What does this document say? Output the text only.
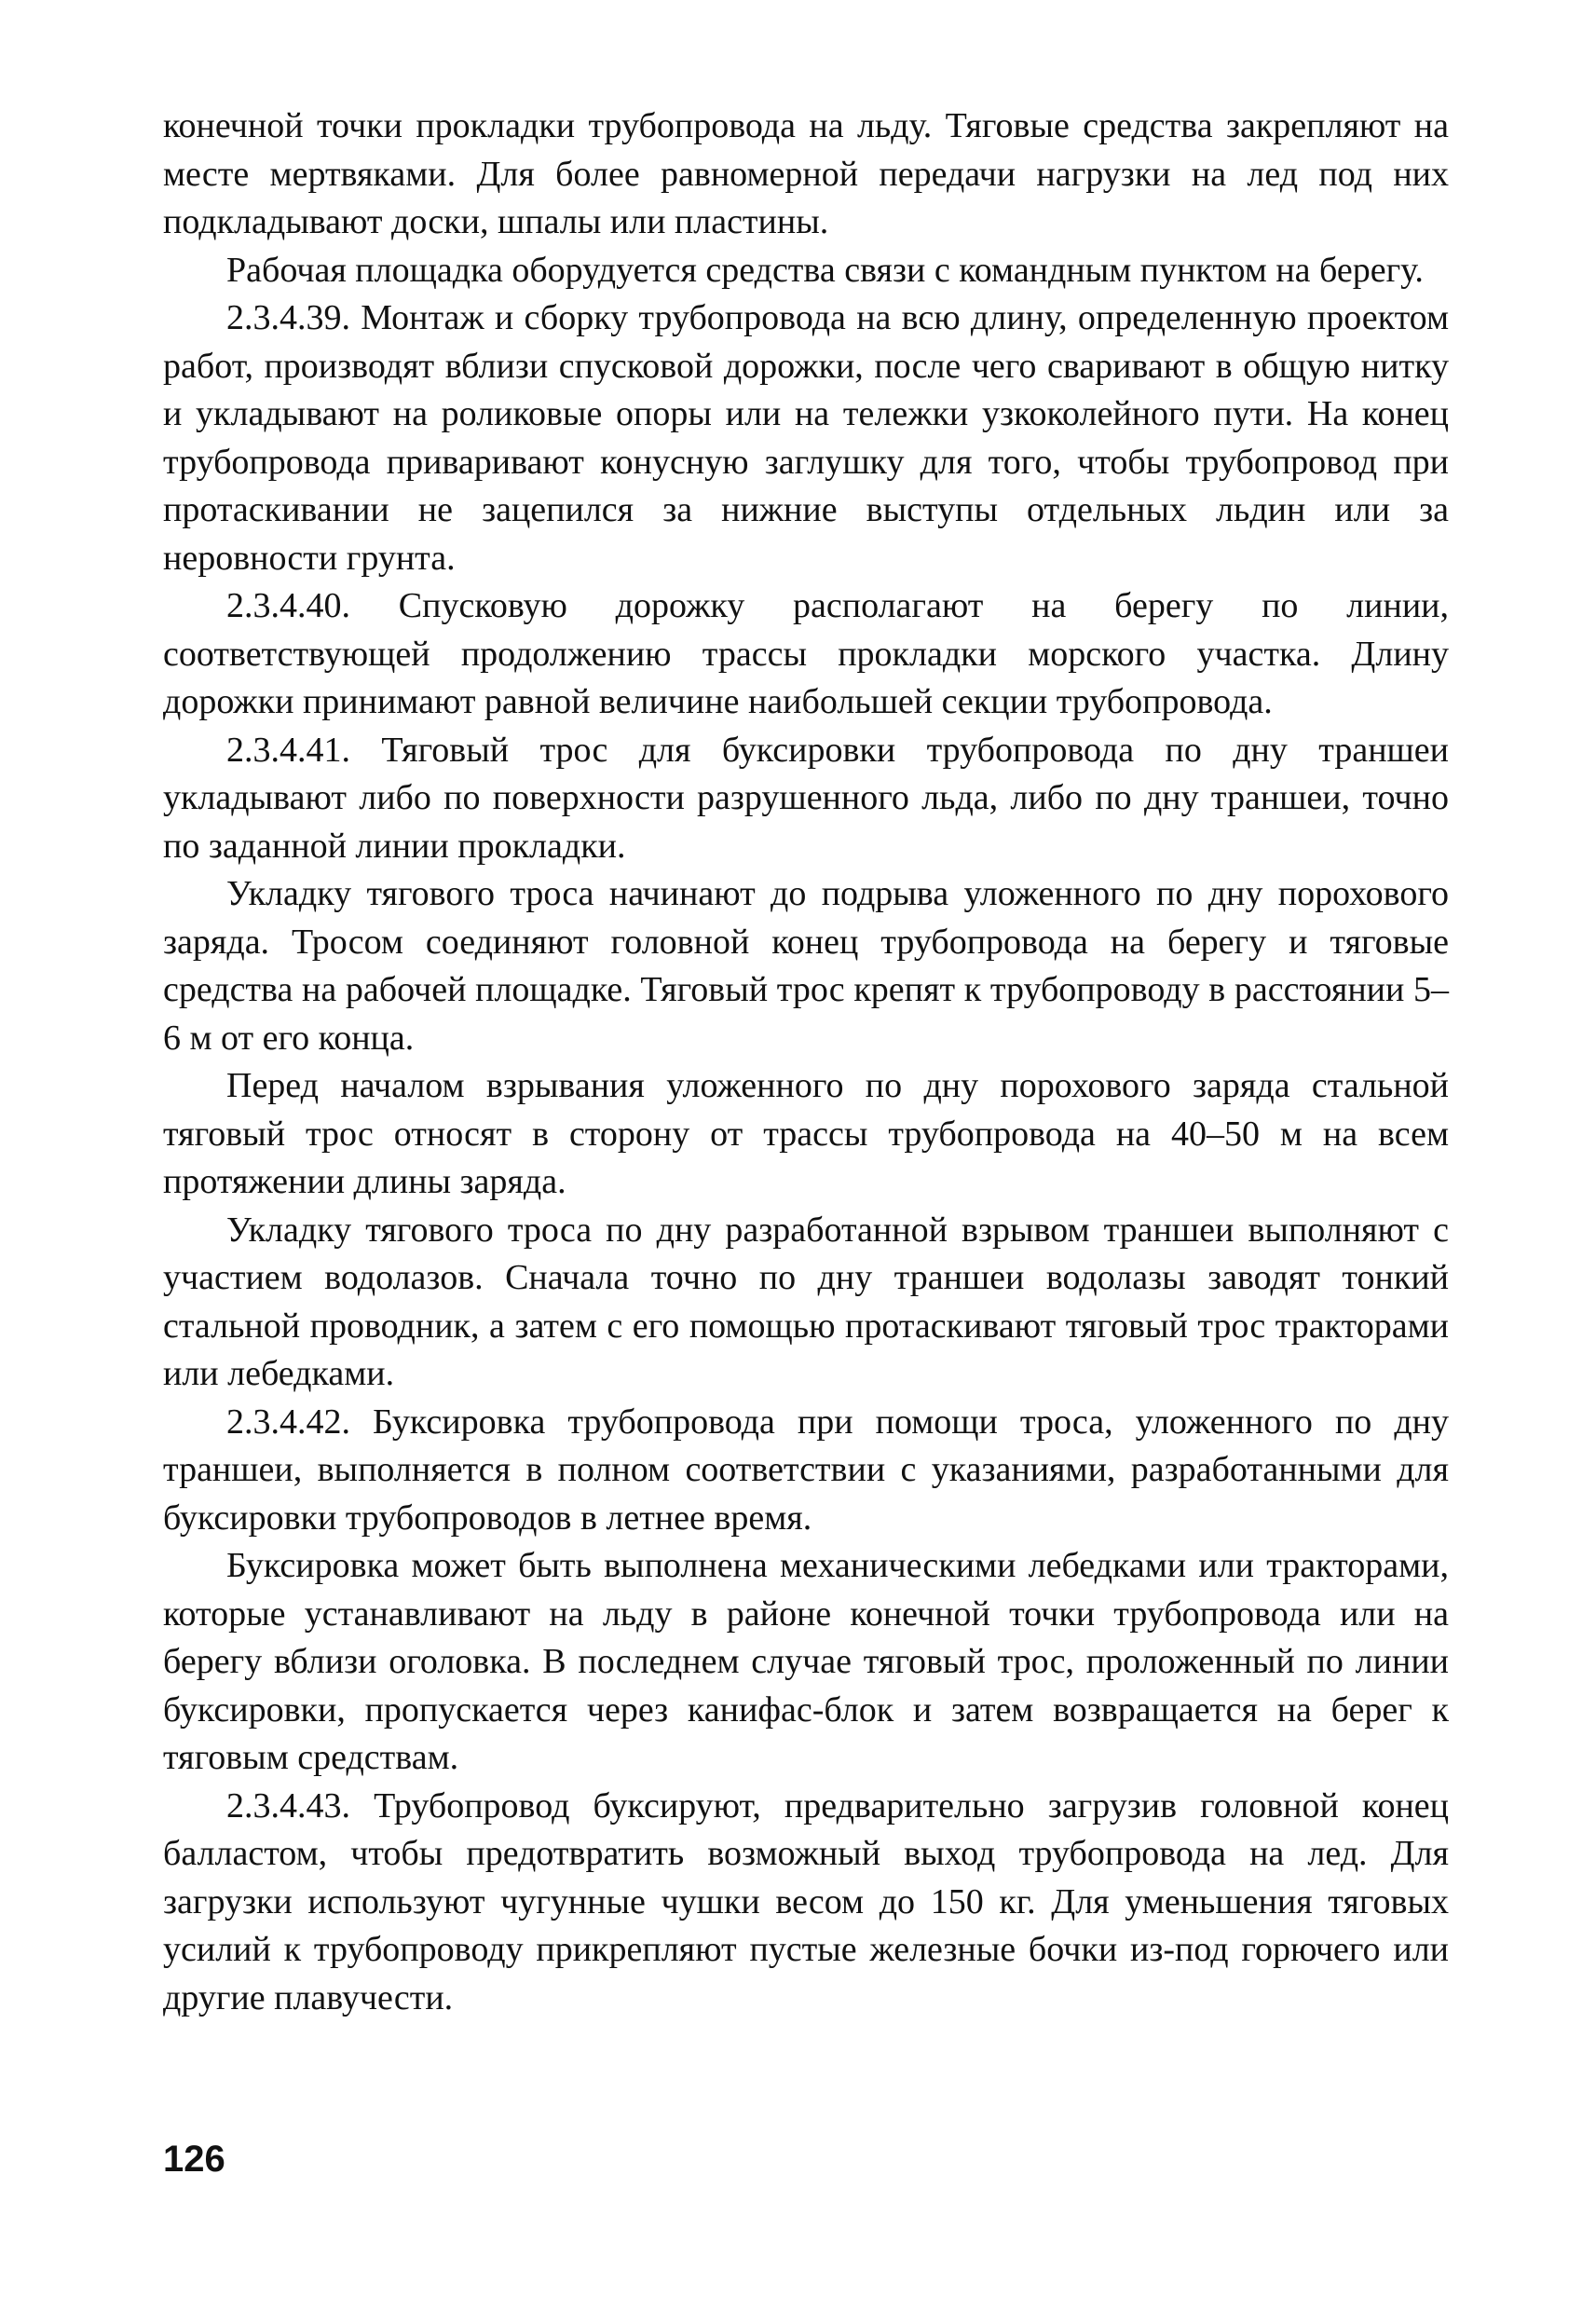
конечной точки прокладки трубопровода на льду. Тяговые средства закрепляют на месте мертвяками. Для более равномерной передачи нагрузки на лед под них подкладывают доски, шпалы или пластины.

Рабочая площадка оборудуется средства связи с командным пунктом на берегу.

2.3.4.39. Монтаж и сборку трубопровода на всю длину, определенную проектом работ, производят вблизи спусковой дорожки, после чего сваривают в общую нитку и укладывают на роликовые опоры или на тележки узкоколейного пути. На конец трубопровода приваривают конусную заглушку для того, чтобы трубопровод при протаскивании не зацепился за нижние выступы отдельных льдин или за неровности грунта.

2.3.4.40. Спусковую дорожку располагают на берегу по линии, соответствующей продолжению трассы прокладки морского участка. Длину дорожки принимают равной величине наибольшей секции трубопровода.

2.3.4.41. Тяговый трос для буксировки трубопровода по дну траншеи укладывают либо по поверхности разрушенного льда, либо по дну траншеи, точно по заданной линии прокладки.

Укладку тягового троса начинают до подрыва уложенного по дну порохового заряда. Тросом соединяют головной конец трубопровода на берегу и тяговые средства на рабочей площадке. Тяговый трос крепят к трубопроводу в расстоянии 5–6 м от его конца.

Перед началом взрывания уложенного по дну порохового заряда стальной тяговый трос относят в сторону от трассы трубопровода на 40–50 м на всем протяжении длины заряда.

Укладку тягового троса по дну разработанной взрывом траншеи выполняют с участием водолазов. Сначала точно по дну траншеи водолазы заводят тонкий стальной проводник, а затем с его помощью протаскивают тяговый трос тракторами или лебедками.

2.3.4.42. Буксировка трубопровода при помощи троса, уложенного по дну траншеи, выполняется в полном соответствии с указаниями, разработанными для буксировки трубопроводов в летнее время.

Буксировка может быть выполнена механическими лебедками или тракторами, которые устанавливают на льду в районе конечной точки трубопровода или на берегу вблизи оголовка. В последнем случае тяговый трос, проложенный по линии буксировки, пропускается через канифас-блок и затем возвращается на берег к тяговым средствам.

2.3.4.43. Трубопровод буксируют, предварительно загрузив головной конец балластом, чтобы предотвратить возможный выход трубопровода на лед. Для загрузки используют чугунные чушки весом до 150 кг. Для уменьшения тяговых усилий к трубопроводу прикрепляют пустые железные бочки из-под горючего или другие плавучести.

126
